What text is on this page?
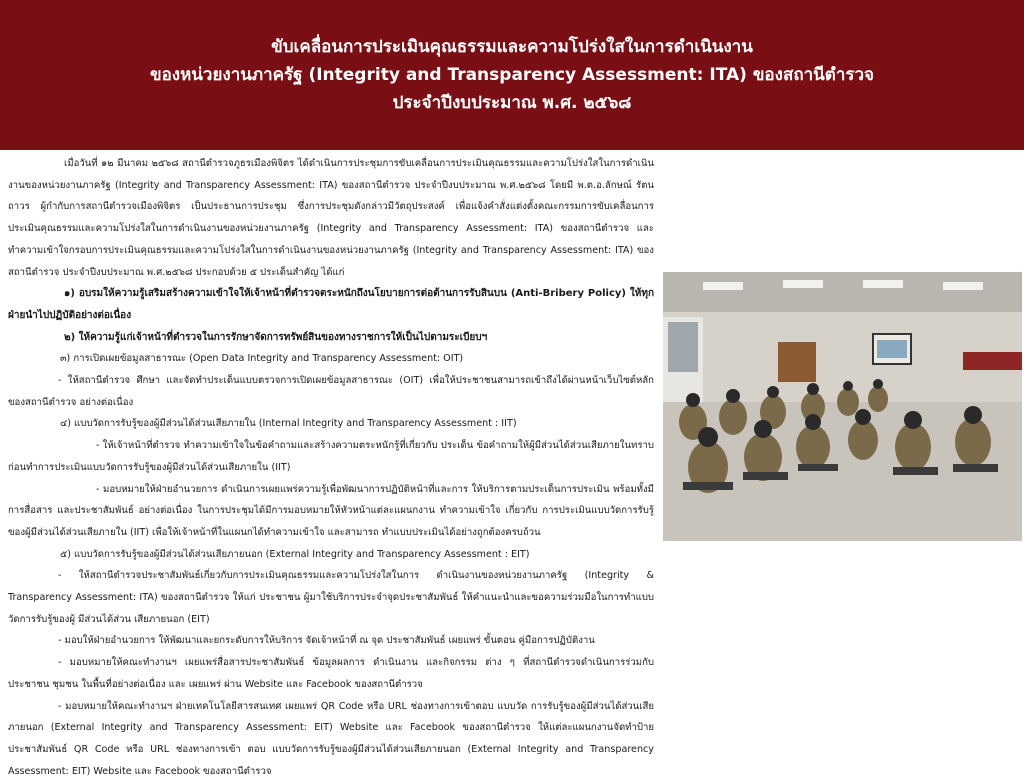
ขับเคลื่อนการประเมินคุณธรรมและความโปร่งใสในการดำเนินงาน
ของหน่วยงานภาครัฐ (Integrity and Transparency Assessment: ITA) ของสถานีตำรวจ
ประจำปีงบประมาณ พ.ศ. ๒๕๖๘

เมื่อวันที่ ๑๒ มีนาคม ๒๕๖๘ สถานีตำรวจภูธรเมืองพิจิตร ได้ดำเนินการประชุมการขับเคลื่อนการประเมินคุณธรรมและความโปร่งใสในการดำเนินงานของหน่วยงานภาครัฐ (Integrity and Transparency Assessment: ITA) ของสถานีตำรวจ ประจำปีงบประมาณ พ.ศ.๒๕๖๘ โดยมี พ.ต.อ.ลักษณ์ รัตนถาวร ผู้กำกับการสถานีตำรวจเมืองพิจิตร เป็นประธานการประชุม ซึ่งการประชุมดังกล่าวมีวัตถุประสงค์ เพื่อแจ้งคำสั่งแต่งตั้งคณะกรรมการขับเคลื่อนการประเมินคุณธรรมและความโปร่งใสในการดำเนินงานของหน่วยงานภาครัฐ (Integrity and Transparency Assessment: ITA) ของสถานีตำรวจ และทำความเข้าใจกรอบการประเมินคุณธรรมและความโปร่งใสในการดำเนินงานของหน่วยงานภาครัฐ (Integrity and Transparency Assessment: ITA) ของสถานีตำรวจ ประจำปีงบประมาณ พ.ศ.๒๕๖๘ ประกอบด้วย ๕ ประเด็นสำคัญ ได้แก่

๑) อบรมให้ความรู้เสริมสร้างความเข้าใจให้เจ้าหน้าที่ตำรวจตระหนักถึงนโยบายการต่อต้านการรับสินบน (Anti-Bribery Policy) ให้ทุกฝ่ายนำไปปฏิบัติอย่างต่อเนื่อง

๒) ให้ความรู้แก่เจ้าหน้าที่ตำรวจในการรักษาจัดการทรัพย์สินของทางราชการให้เป็นไปตามระเบียบฯ

๓) การเปิดเผยข้อมูลสาธารณะ (Open Data Integrity and Transparency Assessment: OIT)

- ให้สถานีตำรวจ ศึกษา และจัดทำประเด็นแบบตรวจการเปิดเผยข้อมูลสาธารณะ (OIT) เพื่อให้ประชาชนสามารถเข้าถึงได้ผ่านหน้าเว็บไซต์หลักของสถานีตำรวจ อย่างต่อเนื่อง

๔) แบบวัดการรับรู้ของผู้มีส่วนได้ส่วนเสียภายใน (Internal Integrity and Transparency Assessment : IIT)

- ให้เจ้าหน้าที่ตำรวจ ทำความเข้าใจในข้อคำถามและสร้างความตระหนักรู้ที่เกี่ยวกับ ประเด็น ข้อคำถามให้ผู้มีส่วนได้ส่วนเสียภายในทราบ ก่อนทำการประเมินแบบวัดการรับรู้ของผู้มีส่วนได้ส่วนเสียภายใน (IIT)

- มอบหมายให้ฝ่ายอำนวยการ ดำเนินการเผยแพร่ความรู้เพื่อพัฒนาการปฏิบัติหน้าที่และการ ให้บริการตามประเด็นการประเมิน พร้อมทั้งมีการสื่อสาร และประชาสัมพันธ์ อย่างต่อเนื่อง ในการประชุมได้มีการมอบหมายให้หัวหน้าแต่ละแผนกงาน ทำความเข้าใจ เกี่ยวกับ การประเมินแบบวัดการรับรู้ของผู้มีส่วนได้ส่วนเสียภายใน (IIT) เพื่อให้เจ้าหน้าที่ในแผนกได้ทำความเข้าใจ และสามารถ ทำแบบประเมินได้อย่างถูกต้องครบถ้วน

๕) แบบวัดการรับรู้ของผู้มีส่วนได้ส่วนเสียภายนอก (External Integrity and Transparency Assessment : EIT)

- ให้สถานีตำรวจประชาสัมพันธ์เกี่ยวกับการประเมินคุณธรรมและความโปร่งใสในการ ดำเนินงานของหน่วยงานภาครัฐ (Integrity & Transparency Assessment: ITA) ของสถานีตำรวจ ให้แก่ ประชาชน ผู้มาใช้บริการประจำจุดประชาสัมพันธ์ ให้คำแนะนำและขอความร่วมมือในการทำแบบวัดการรับรู้ของผู้ มีส่วนได้ส่วน เสียภายนอก (EIT)

- มอบให้ฝ่ายอำนวยการ ให้พัฒนาและยกระดับการให้บริการ จัดเจ้าหน้าที่ ณ จุด ประชาสัมพันธ์ เผยแพร่ ขั้นตอน คู่มือการปฏิบัติงาน

- มอบหมายให้คณะทำงานฯ เผยแพร่สื่อสารประชาสัมพันธ์ ข้อมูลผลการ ดำเนินงาน และกิจกรรม ต่าง ๆ ที่สถานีตำรวจดำเนินการร่วมกับประชาชน ชุมชน ในพื้นที่อย่างต่อเนื่อง และ เผยแพร่ ผ่าน Website และ Facebook ของสถานีตำรวจ

- มอบหมายให้คณะทำงานฯ ฝ่ายเทคโนโลยีสารสนเทศ เผยแพร่ QR Code หรือ URL ช่องทางการเข้าตอบ แบบวัด การรับรู้ของผู้มีส่วนได้ส่วนเสียภายนอก (External Integrity and Transparency Assessment: EIT) Website และ Facebook ของสถานีตำรวจ ให้แต่ละแผนกงานจัดทำป้ายประชาสัมพันธ์ QR Code หรือ URL ช่องทางการเข้า ตอบ แบบวัดการรับรู้ของผู้มีส่วนได้ส่วนเสียภายนอก (External Integrity and Transparency Assessment: EIT) Website และ Facebook ของสถานีตำรวจ
